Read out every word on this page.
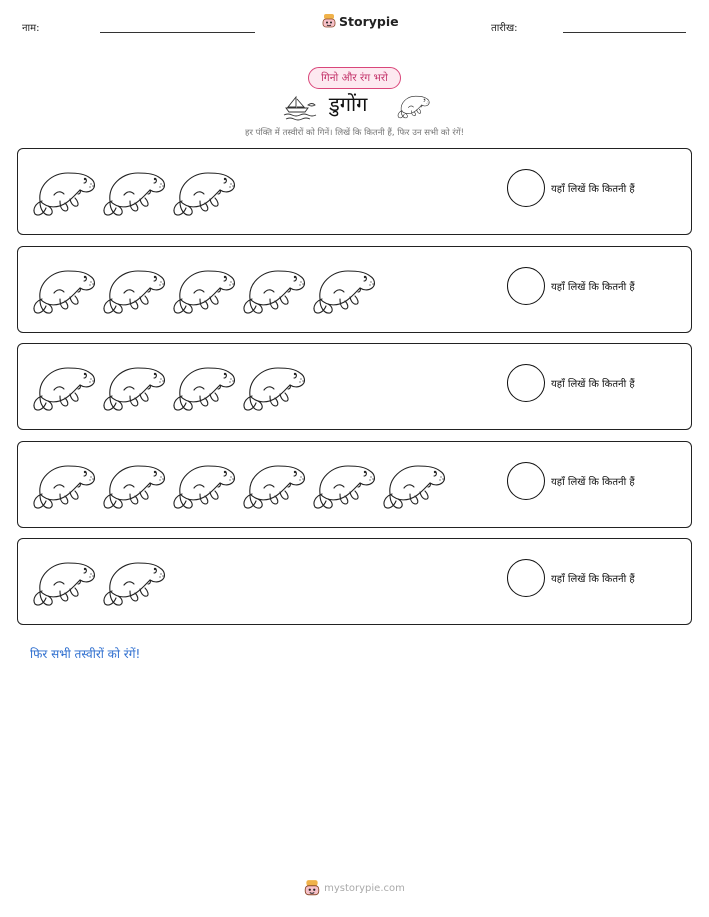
नाम:	Storypie	तारीख:
गिनो और रंग भरो
डुगोंग
हर पंक्ति में तस्वीरों को गिनें। लिखें कि कितनी हैं, फिर उन सभी को रंगें!
यहाँ लिखें कि कितनी हैं
यहाँ लिखें कि कितनी हैं
यहाँ लिखें कि कितनी हैं
यहाँ लिखें कि कितनी हैं
यहाँ लिखें कि कितनी हैं
फिर सभी तस्वीरों को रंगें!
mystorypie.com
